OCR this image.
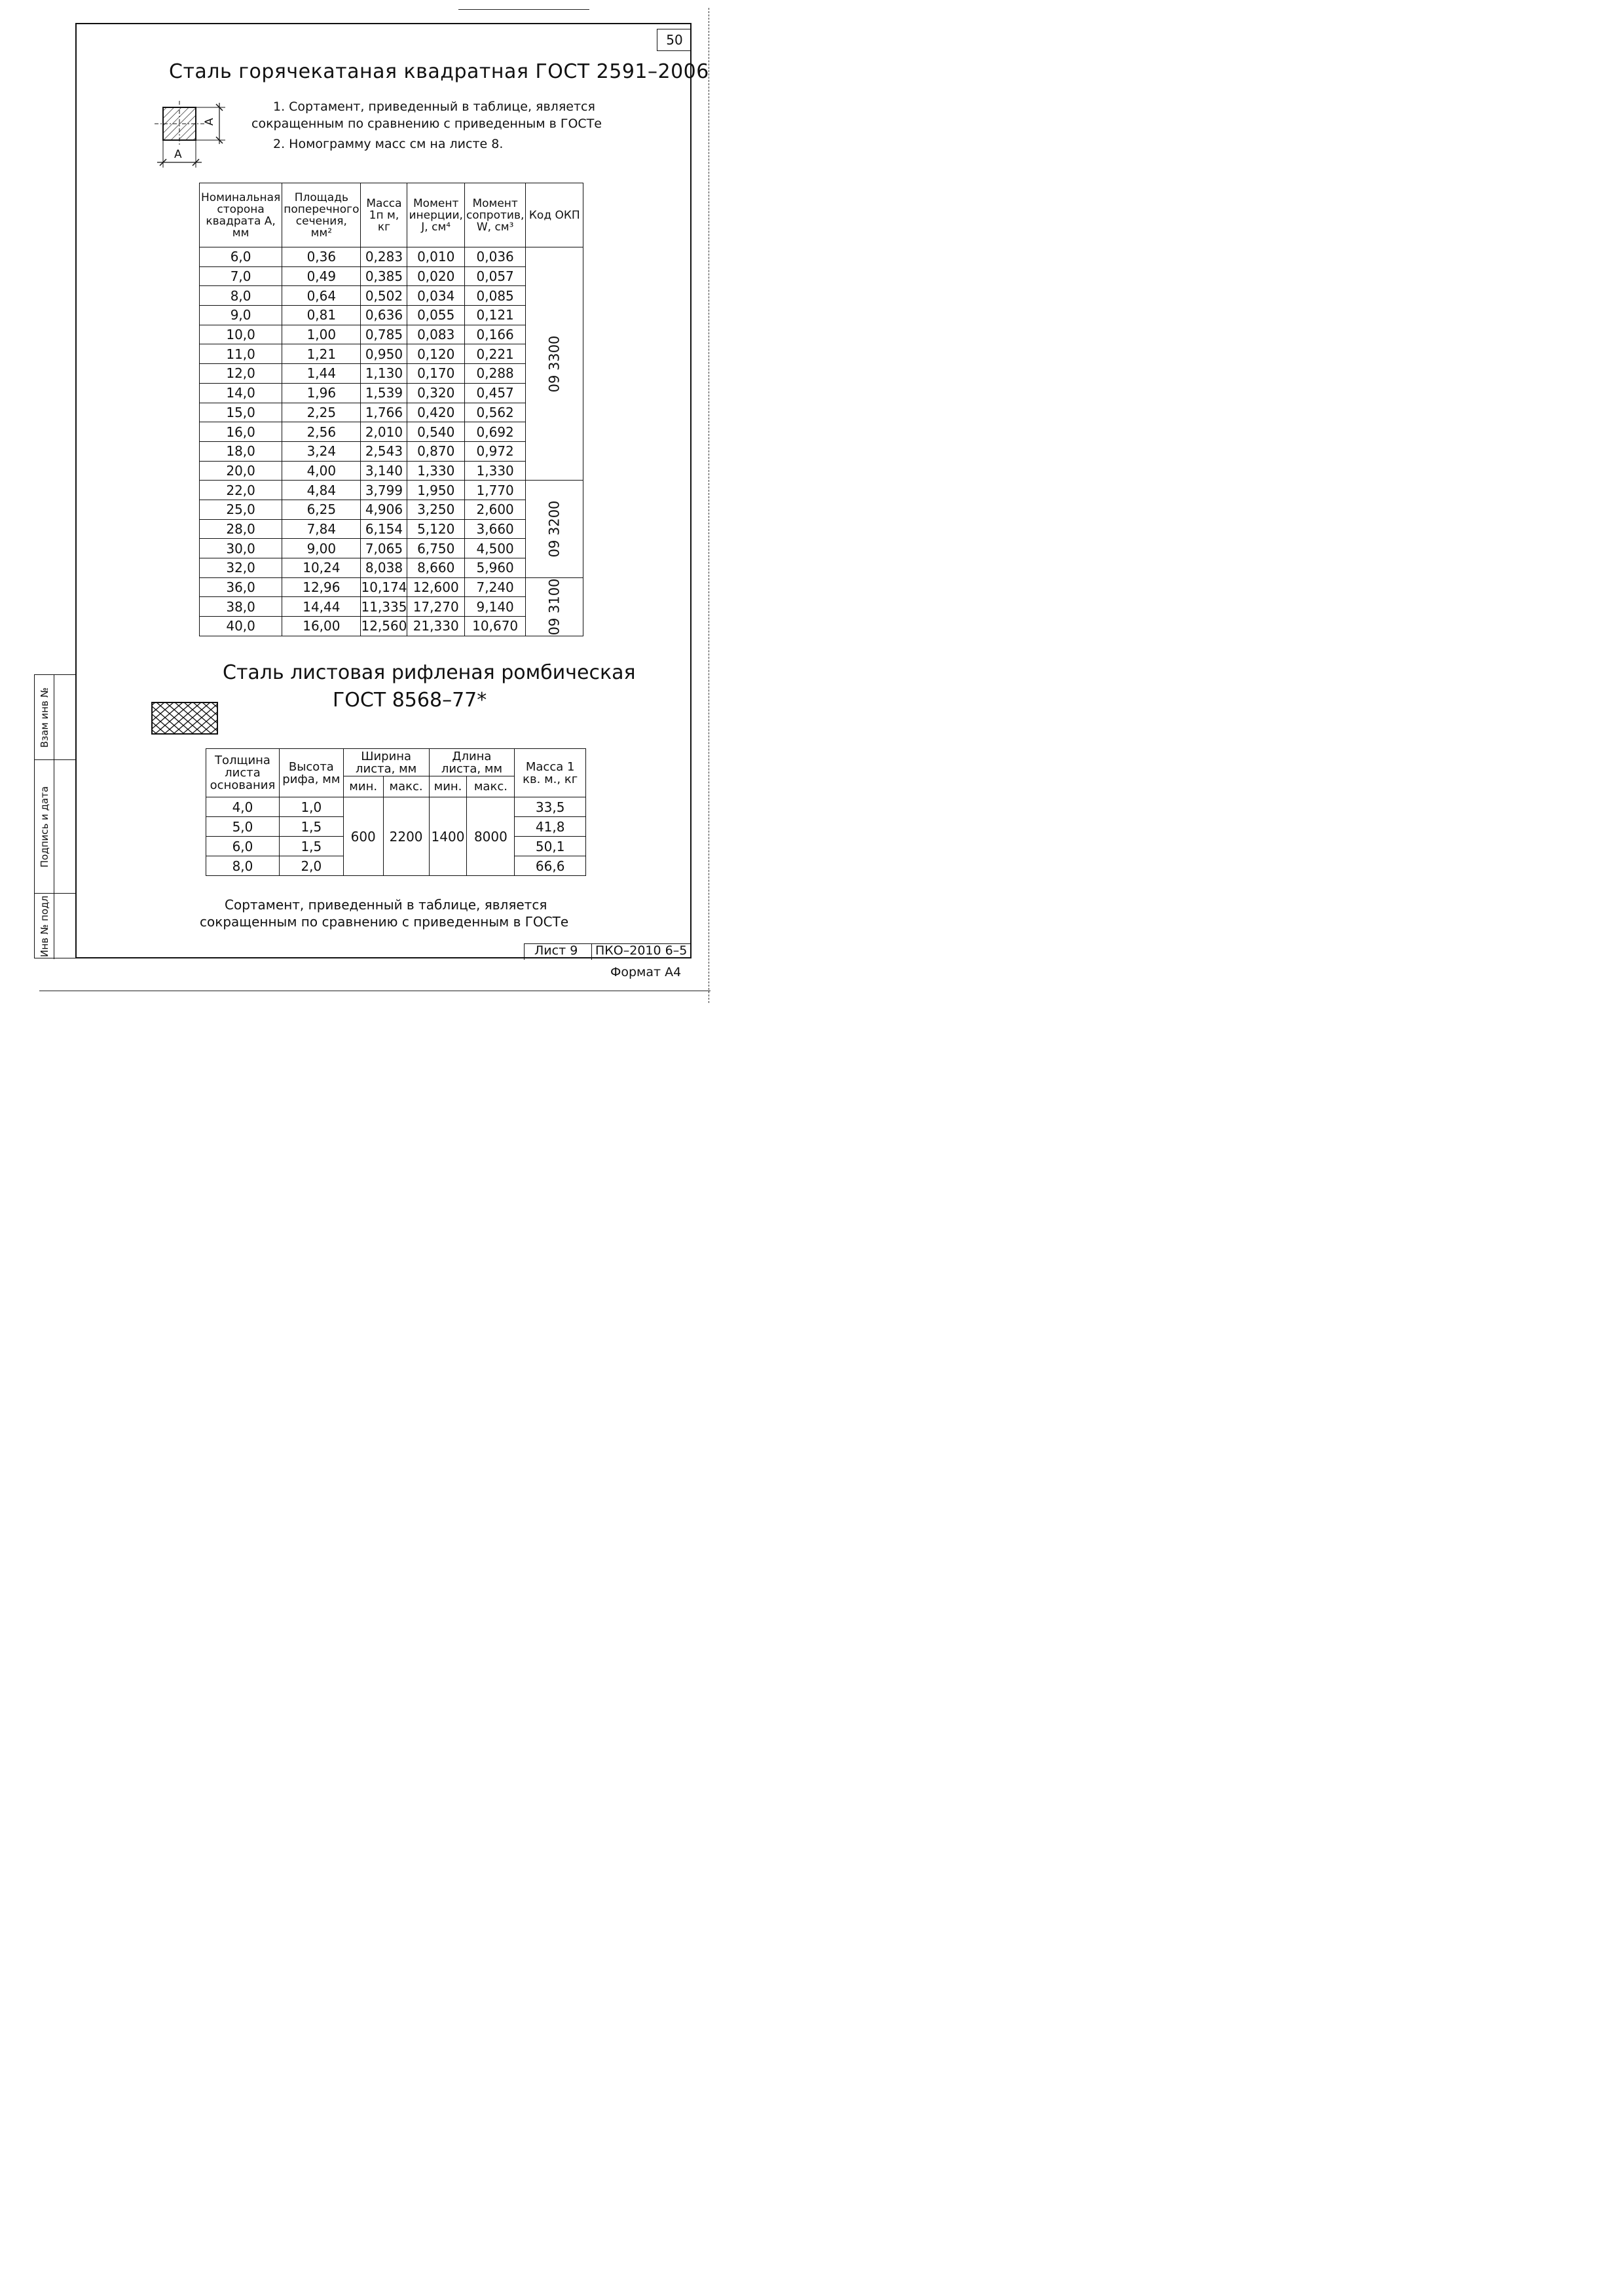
50
Сталь горячекатаная квадратная ГОСТ 2591–2006
A
A
1. Сортамент, приведенный в таблице, является
сокращенным по сравнению с приведенным в ГОСТе
2. Номограмму масс см на листе 8.
Номинальная сторона квадрата А, мм	Площадь поперечного сечения, мм²	Масса 1п м, кг	Момент инерции, J, см⁴	Момент сопротив, W, см³	Код ОКП
6,0	0,36	0,283	0,010	0,036	09 3300
7,0	0,49	0,385	0,020	0,057	
8,0	0,64	0,502	0,034	0,085	
9,0	0,81	0,636	0,055	0,121	
10,0	1,00	0,785	0,083	0,166	
11,0	1,21	0,950	0,120	0,221	
12,0	1,44	1,130	0,170	0,288	
14,0	1,96	1,539	0,320	0,457	
15,0	2,25	1,766	0,420	0,562	
16,0	2,56	2,010	0,540	0,692	
18,0	3,24	2,543	0,870	0,972	
20,0	4,00	3,140	1,330	1,330	
22,0	4,84	3,799	1,950	1,770	09 3200
25,0	6,25	4,906	3,250	2,600	
28,0	7,84	6,154	5,120	3,660	
30,0	9,00	7,065	6,750	4,500	
32,0	10,24	8,038	8,660	5,960	
36,0	12,96	10,174	12,600	7,240	09 3100
38,0	14,44	11,335	17,270	9,140	
40,0	16,00	12,560	21,330	10,670	
Сталь листовая рифленая ромбическая
ГОСТ 8568–77*
Толщина листа основания	Высота рифа, мм	Ширина листа, мм		Длина листа, мм		Масса 1 кв. м., кг
		мин.	макс.	мин.	макс.	
4,0	1,0	600	2200	1400	8000	33,5
5,0	1,5					41,8
6,0	1,5					50,1
8,0	2,0					66,6
Сортамент, приведенный в таблице, является
сокращенным по сравнению с приведенным в ГОСТе
Взам инв №
Подпись и дата
Инв № подл	Лист 9 ПКО–2010 6–5
Формат А4
